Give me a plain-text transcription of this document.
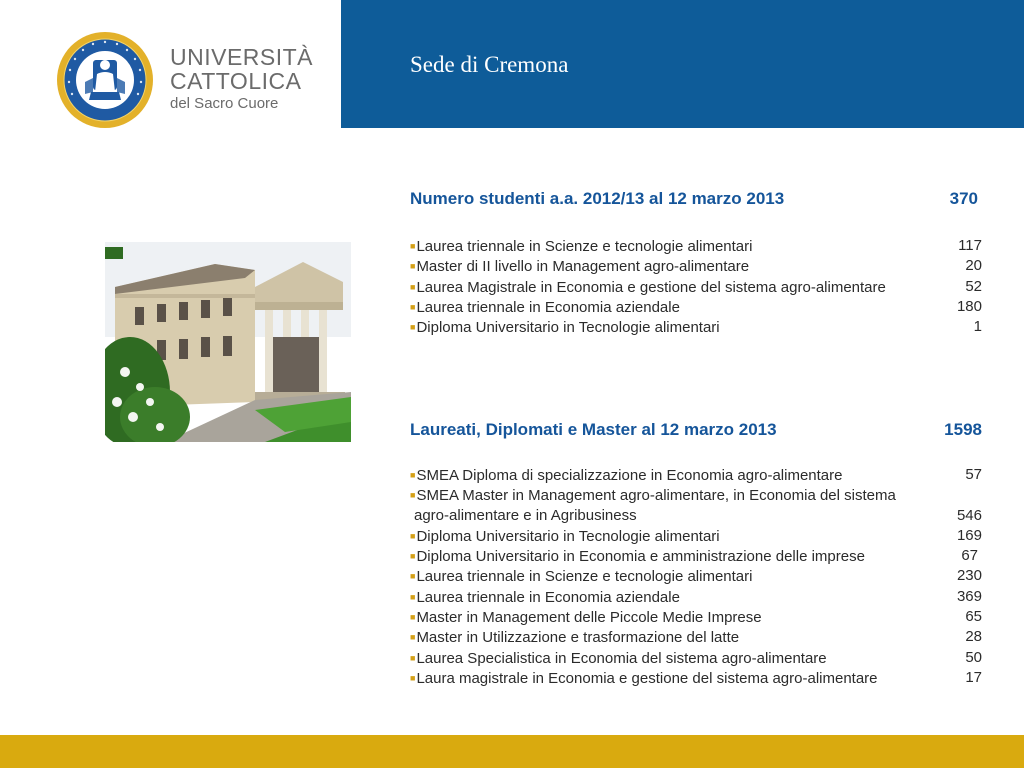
Sede di Cremona
UNIVERSITÀ
CATTOLICA
del Sacro Cuore
Numero studenti a.a. 2012/13 al 12 marzo 2013	370
■Laurea triennale in Scienze e tecnologie alimentari	117
■Master di II livello in Management agro-alimentare	20
■Laurea Magistrale in Economia e gestione del sistema agro-alimentare	52
■Laurea triennale in Economia aziendale	180
■Diploma Universitario in Tecnologie alimentari	1
Laureati, Diplomati e Master al 12 marzo 2013	1598
■SMEA Diploma di specializzazione in Economia agro-alimentare	57
■SMEA Master in Management agro-alimentare, in Economia del sistema
agro-alimentare e in Agribusiness	546
■Diploma Universitario in Tecnologie alimentari	169
■Diploma Universitario in Economia e amministrazione delle imprese	67
■Laurea triennale in Scienze e tecnologie alimentari	230
■Laurea triennale in Economia aziendale	369
■Master in Management delle Piccole Medie Imprese	65
■Master in Utilizzazione e trasformazione del latte	28
■Laurea Specialistica in Economia del sistema agro-alimentare	50
■Laura magistrale in Economia e gestione del sistema agro-alimentare	17
